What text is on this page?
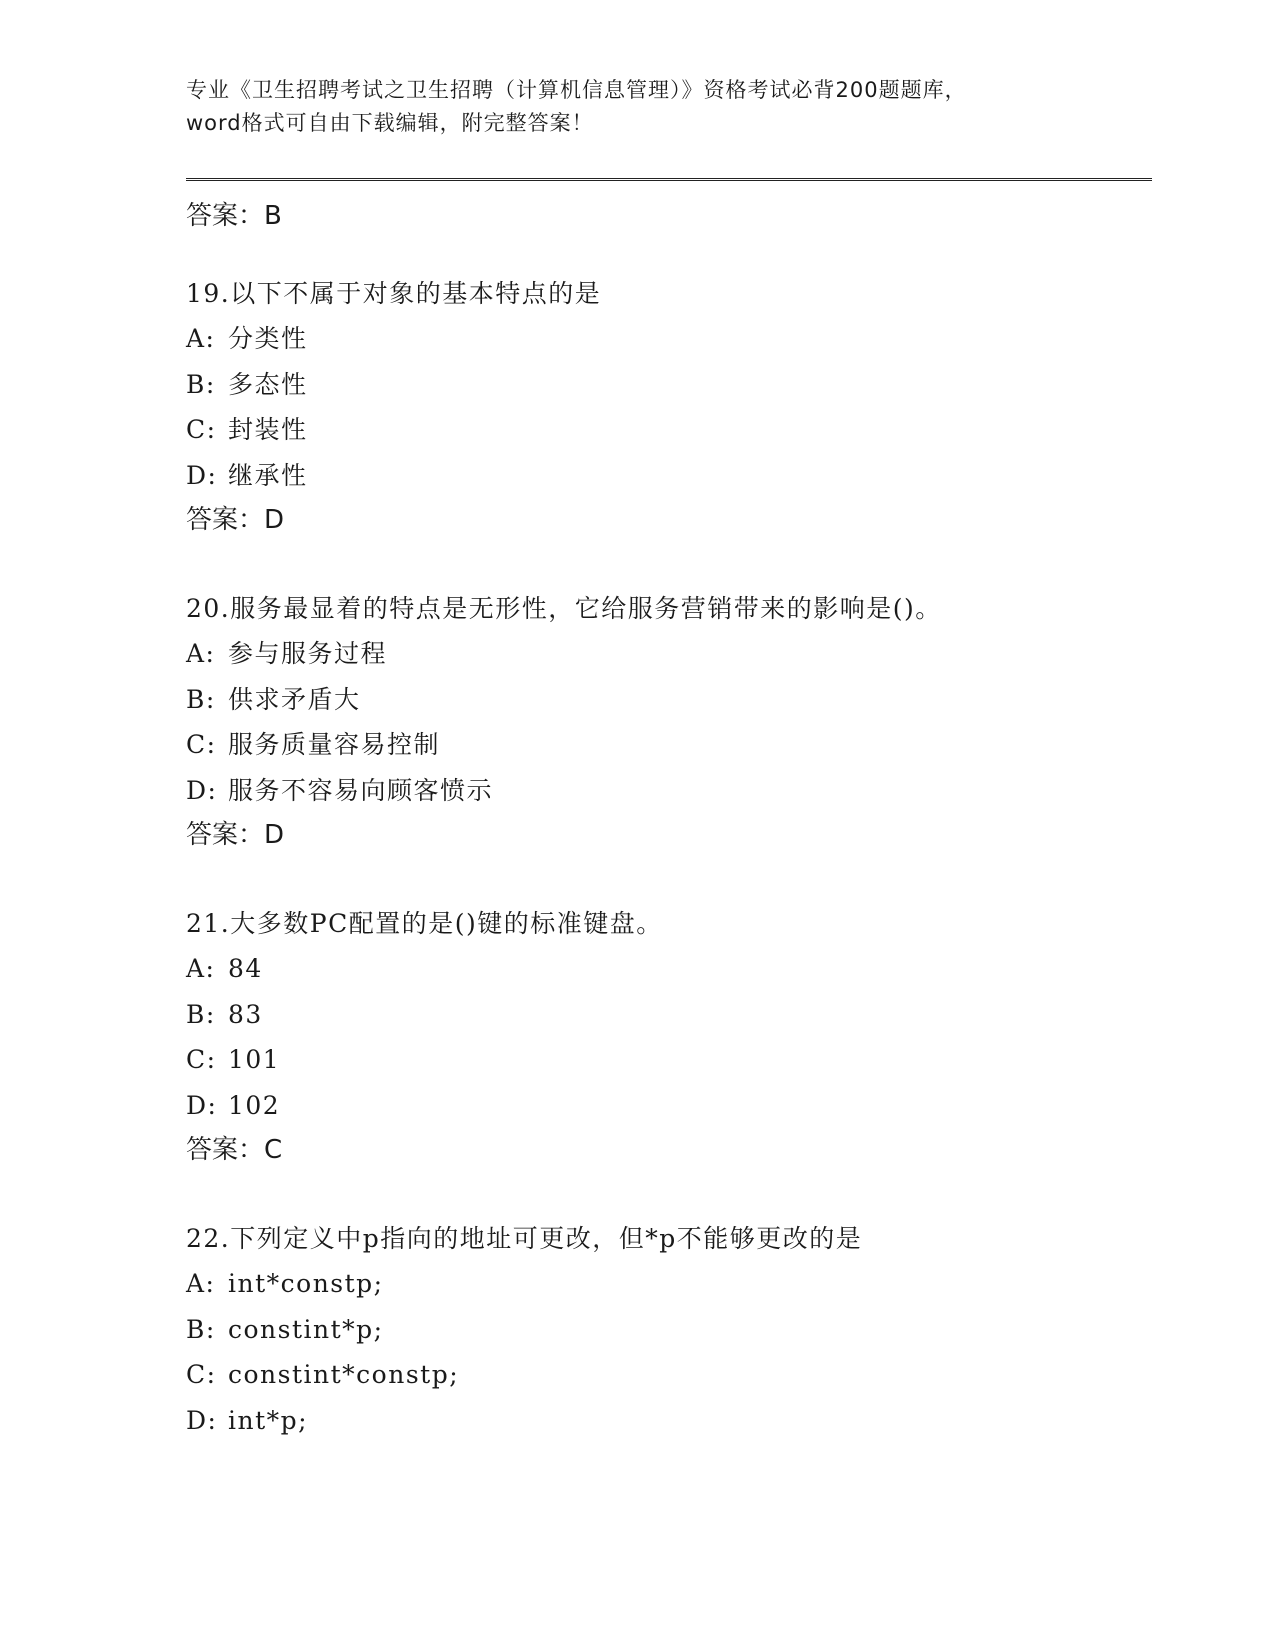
专业《卫生招聘考试之卫生招聘（计算机信息管理）》资格考试必背200题题库，
word格式可自由下载编辑，附完整答案！
答案：B
19.以下不属于对象的基本特点的是
A: 分类性
B: 多态性
C: 封装性
D: 继承性
答案：D
20.服务最显着的特点是无形性，它给服务营销带来的影响是()。
A: 参与服务过程
B: 供求矛盾大
C: 服务质量容易控制
D: 服务不容易向顾客愤示
答案：D
21.大多数PC配置的是()键的标准键盘。
A: 84
B: 83
C: 101
D: 102
答案：C
22.下列定义中p指向的地址可更改，但*p不能够更改的是
A: int*constp;
B: constint*p;
C: constint*constp;
D: int*p;
